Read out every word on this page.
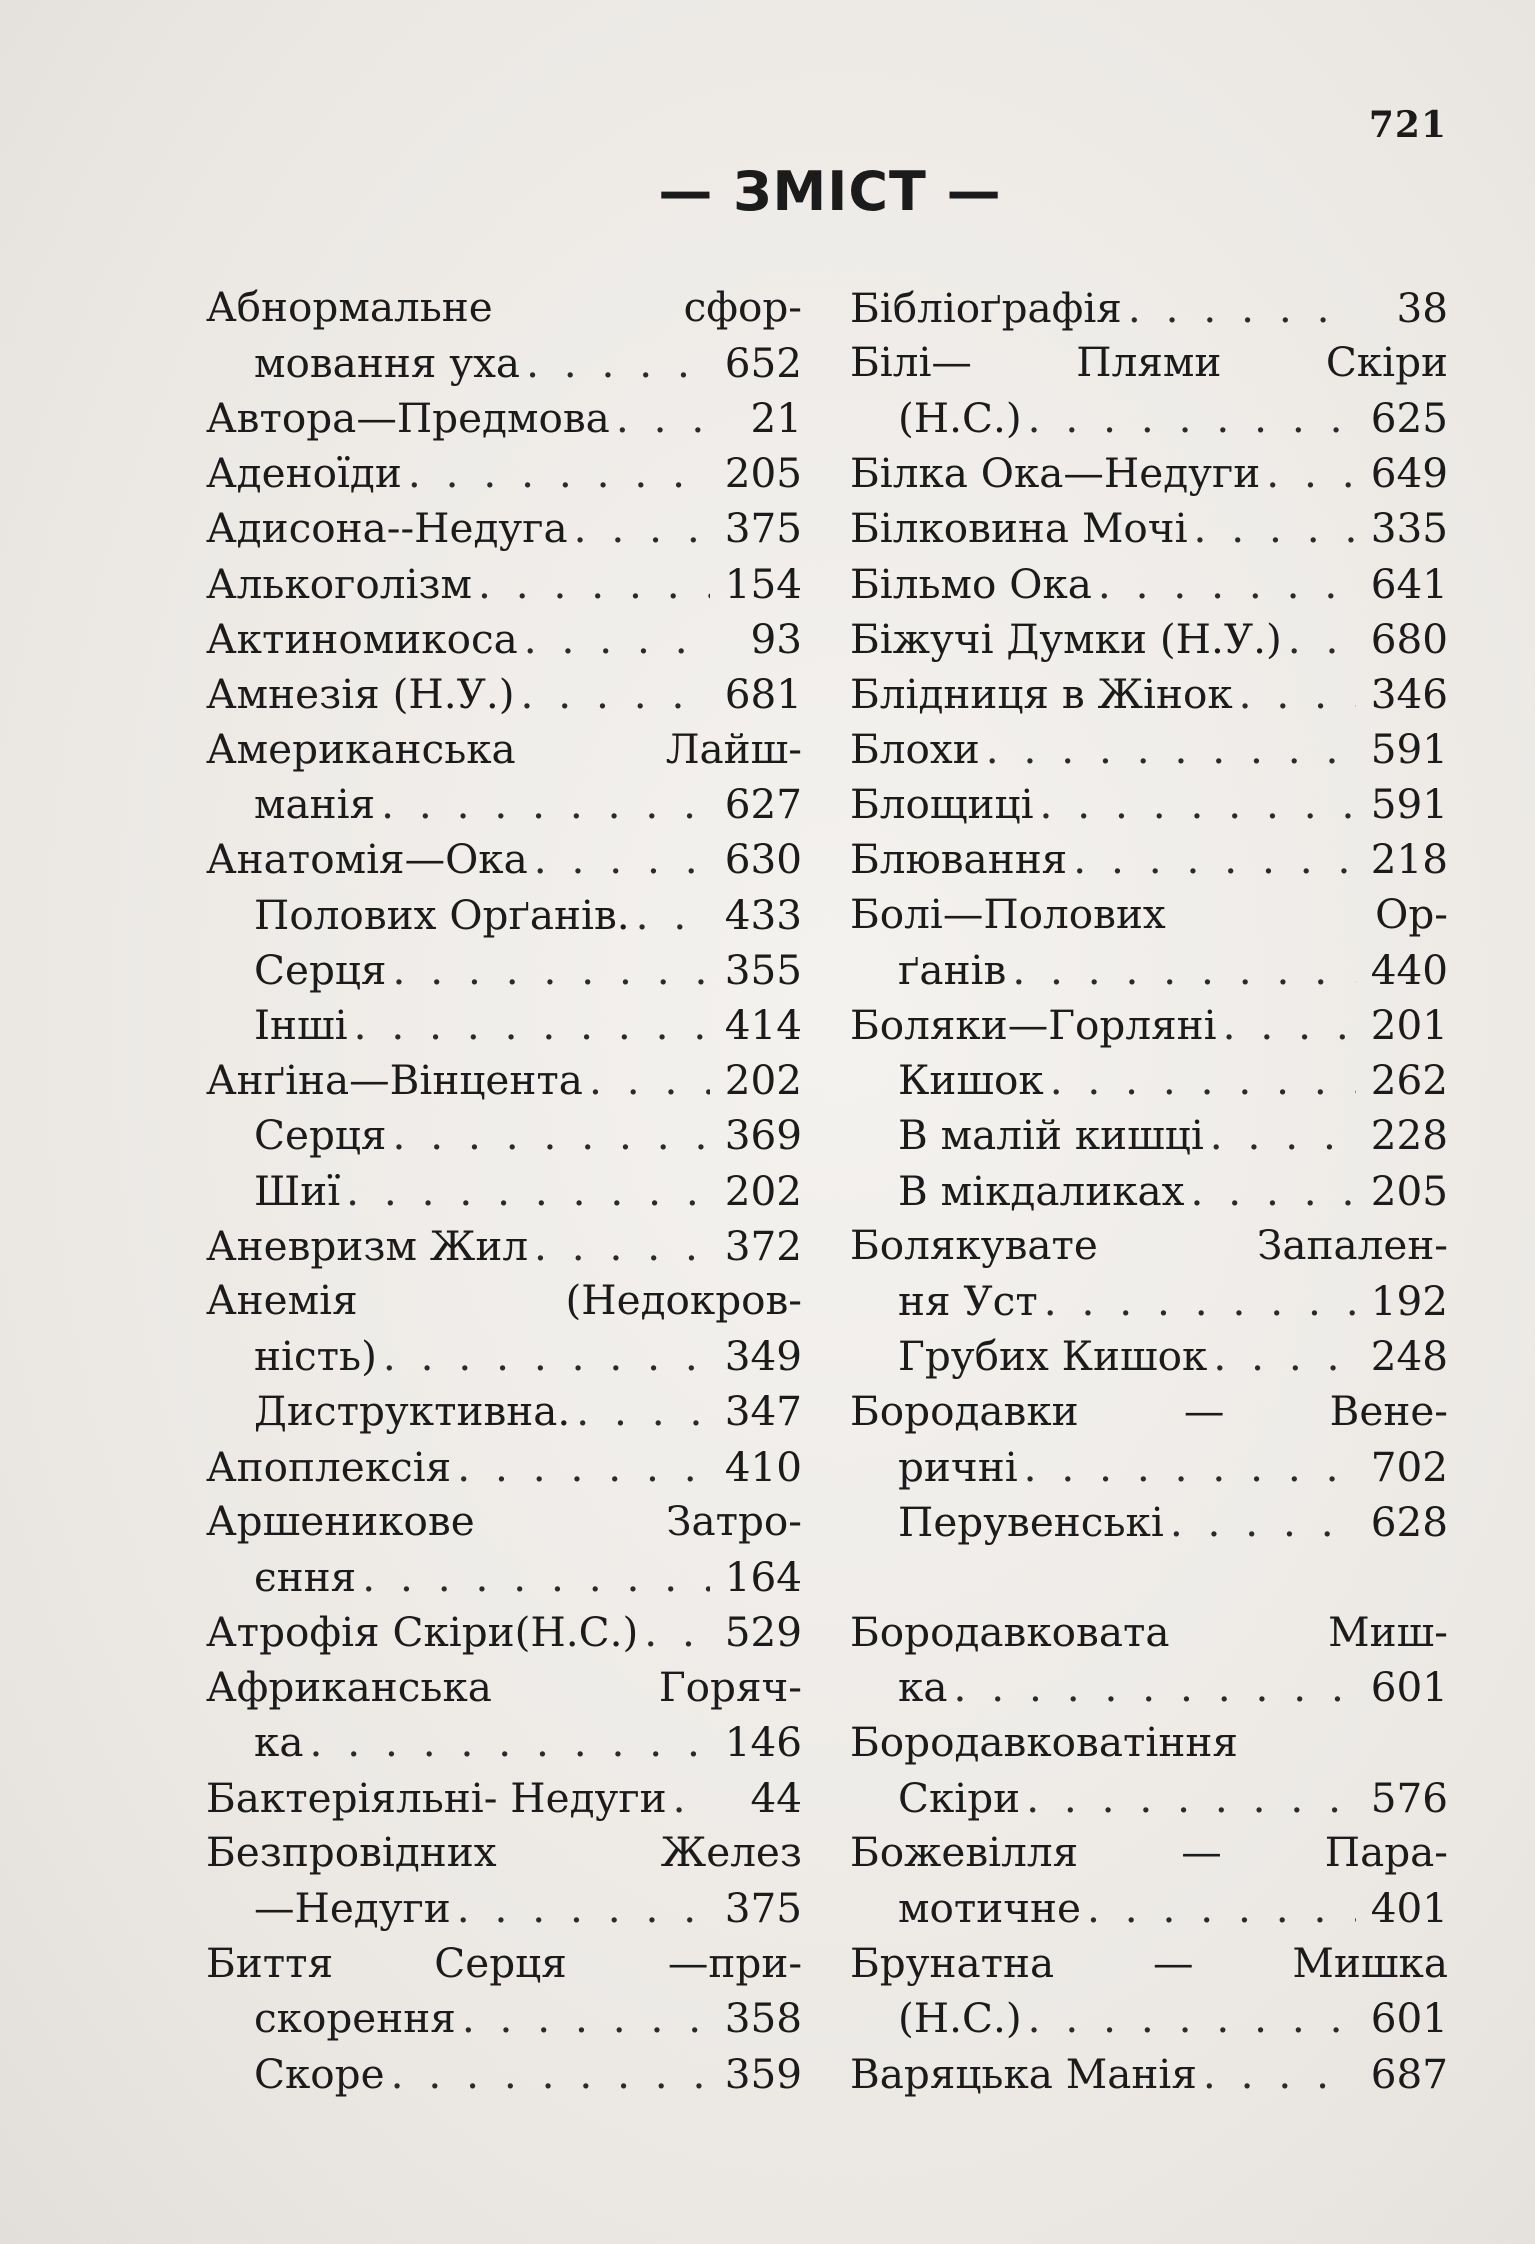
721
— ЗМІСТ —
Абнормальне сфор-
мовання уха . . .	652
Автора—Предмова . . .	21
Аденоїди . . .	205
Адисона--Недуга . . .	375
Алькоголізм . . .	154
Актиномикоса . . .	93
Амнезія (Н.У.) . . .	681
Американська Лайш-
манія . . .	627
Анатомія—Ока . . .	630
Полових Орґанів. . . . 433
Серця . . .	355
Інші . . .	414
Анґіна—Вінцента . . .	202
Серця . . .	369
Шиї . . .	202
Аневризм Жил . . .	372
Анемія (Недокров-
ність) . . .	349
Диструктивна. . . .	347
Апоплексія . . .	410
Аршеникове Затро-
єння . . .	164
Атрофія Скіри(Н.С.) . . . 529
Африканська Горяч-
ка . . .	146
Бактеріяльні- Недуги . . .	44
Безпровідних Желез
—Недуги . . .	375
Биття Серця —при-
скорення . . .	358
Скоре . . .	359
Бібліоґрафія . . .	38
Білі— Плями Скіри
(Н.С.) . . .	625
Білка Ока—Недуги . . .	649
Білковина Мочі . . .	335
Більмо Ока . . .	641
Біжучі Думки (Н.У.) . . . 680
Блідниця в Жінок . . .	346
Блохи . . .	591
Блощиці . . .	591
Блювання . . .	218
Болі—Полових Ор-
ґанів . . .	440
Боляки—Горляні . . .	201
Кишок . . .	262
В малій кишці . . .	228
В мікдаликах . . .	205
Болякувате Запален-
ня Уст . . .	192
Грубих Кишок . . .	248
Бородавки — Вене-
ричні . . .	702
Перувенські . . .	628
Бородавковата Миш-
ка . . .	601
Бородавковатіння
Скіри . . .	576
Божевілля — Пара-
мотичне . . .	401
Брунатна — Мишка
(Н.С.) . . .	601
Варяцька Манія . . .	687
